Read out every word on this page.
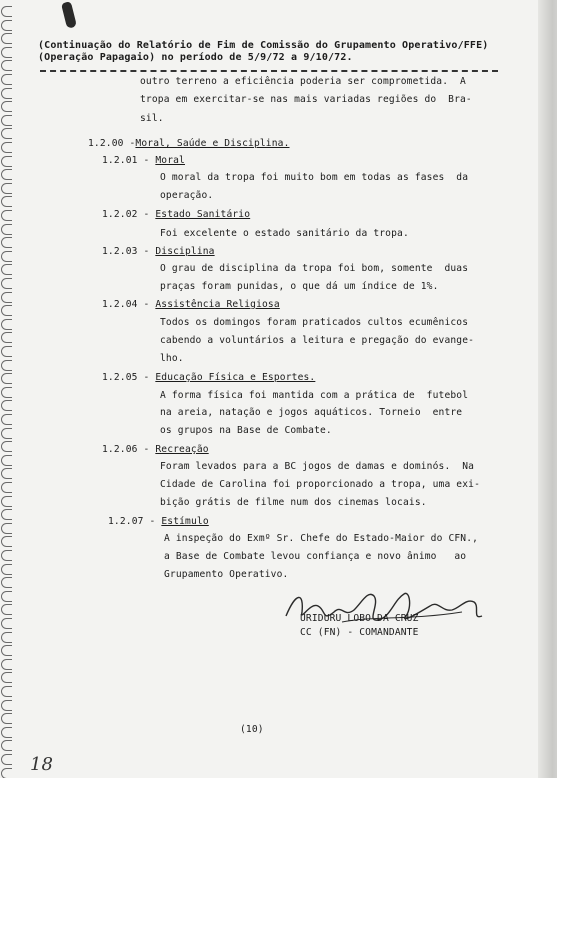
(Continuação do Relatório de Fim de Comissão do Grupamento Operativo/FFE)
(Operação Papagaio) no período de 5/9/72 a 9/10/72.
outro terreno a eficiência poderia ser comprometida.  A
tropa em exercitar-se nas mais variadas regiões do  Bra-
sil.
1.2.00 -Moral, Saúde e Disciplina.
1.2.01 - Moral
O moral da tropa foi muito bom em todas as fases  da
operação.
1.2.02 - Estado Sanitário
Foi excelente o estado sanitário da tropa.
1.2.03 - Disciplina
O grau de disciplina da tropa foi bom, somente  duas
praças foram punidas, o que dá um índice de 1%.
1.2.04 - Assistência Religiosa
Todos os domingos foram praticados cultos ecumênicos
cabendo a voluntários a leitura e pregação do evange-
lho.
1.2.05 - Educação Física e Esportes.
A forma física foi mantida com a prática de  futebol
na areia, natação e jogos aquáticos. Torneio  entre
os grupos na Base de Combate.
1.2.06 - Recreação
Foram levados para a BC jogos de damas e dominós.  Na
Cidade de Carolina foi proporcionado a tropa, uma exi-
bição grátis de filme num dos cinemas locais.
1.2.07 - Estímulo
A inspeção do Exmº Sr. Chefe do Estado-Maior do CFN.,
a Base de Combate levou confiança e novo ânimo   ao
Grupamento Operativo.
URIDURU LOBO DA CRUZ
CC (FN) - COMANDANTE
(10)
18
